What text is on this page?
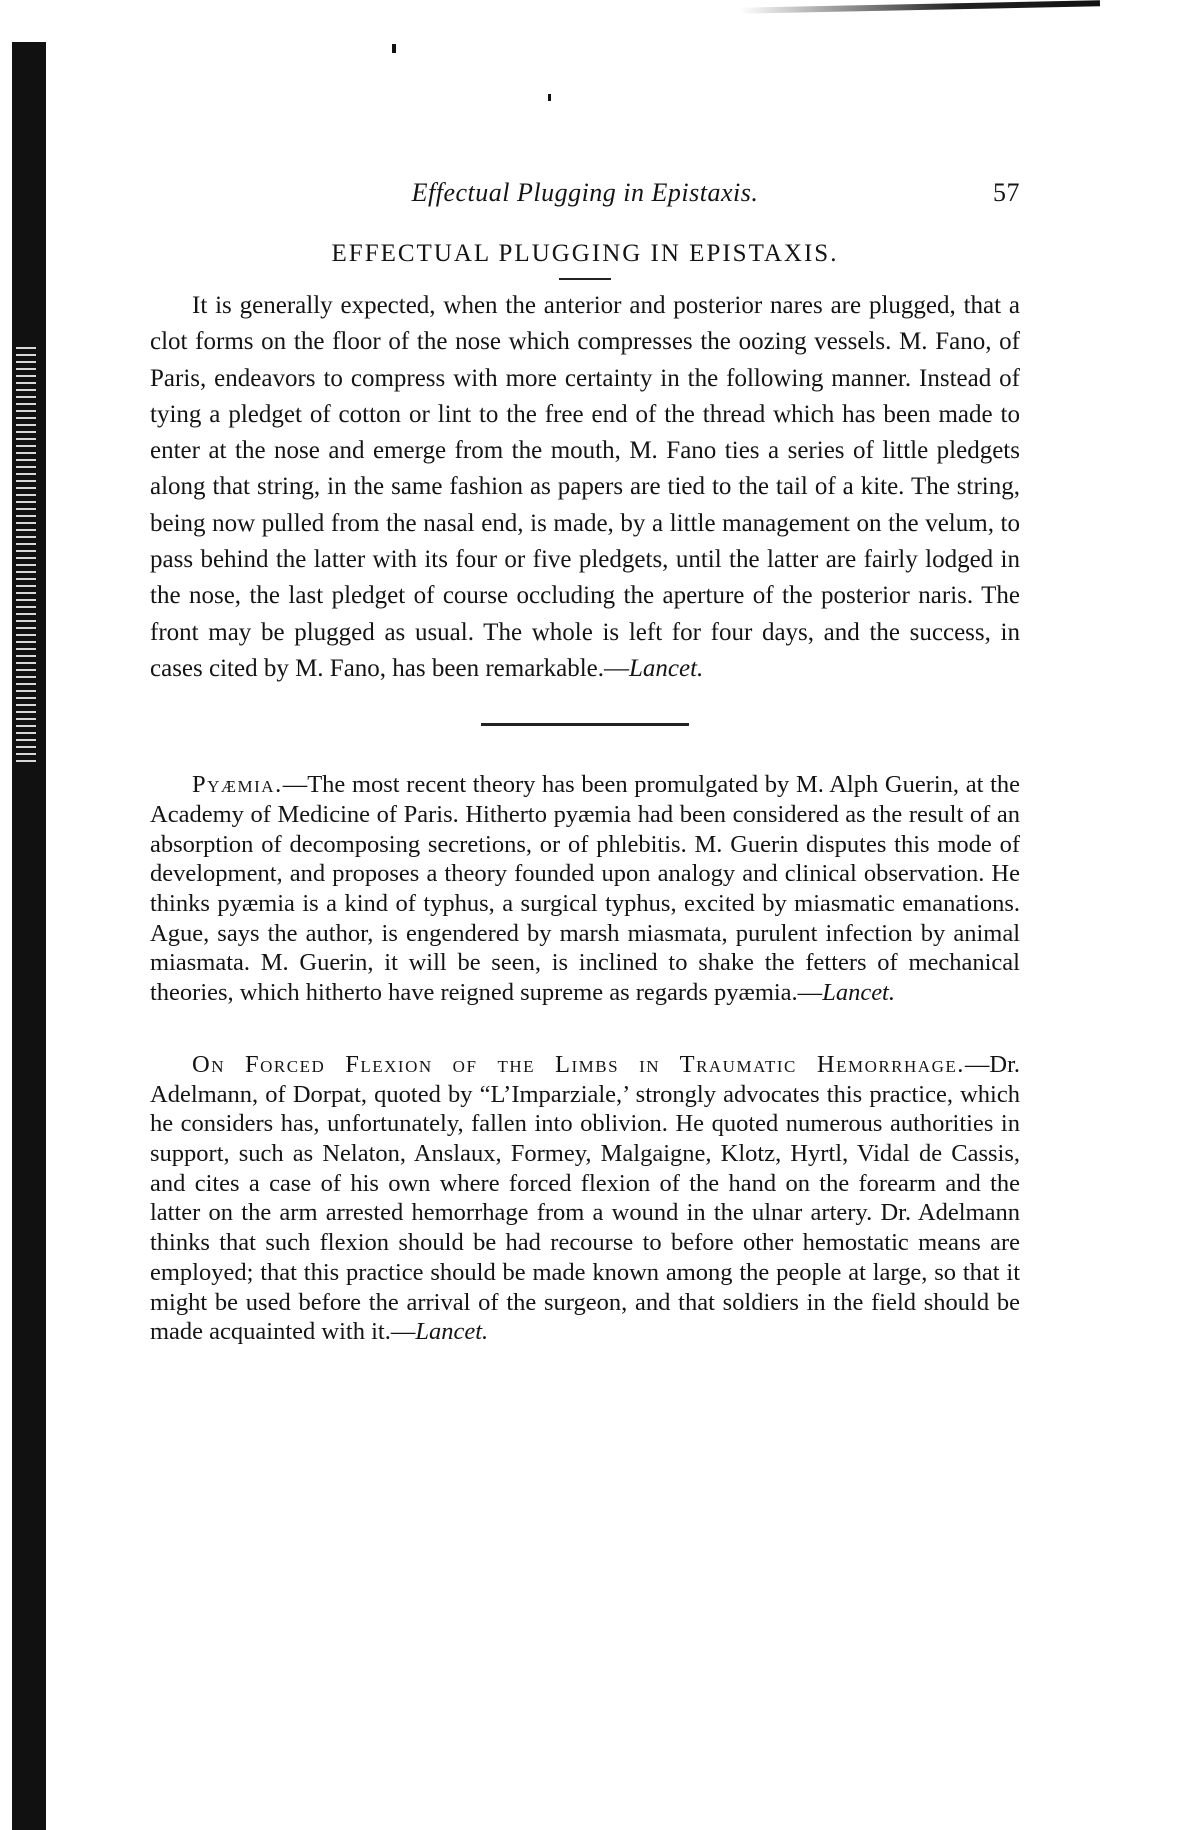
Effectual Plugging in Epistaxis.	57
EFFECTUAL PLUGGING IN EPISTAXIS.

It is generally expected, when the anterior and posterior nares are plugged, that a clot forms on the floor of the nose which compresses the oozing vessels. M. Fano, of Paris, endeavors to compress with more certainty in the following manner. Instead of tying a pledget of cotton or lint to the free end of the thread which has been made to enter at the nose and emerge from the mouth, M. Fano ties a series of little pledgets along that string, in the same fashion as papers are tied to the tail of a kite. The string, being now pulled from the nasal end, is made, by a little management on the velum, to pass behind the latter with its four or five pledgets, until the latter are fairly lodged in the nose, the last pledget of course occluding the aperture of the posterior naris. The front may be plugged as usual. The whole is left for four days, and the success, in cases cited by M. Fano, has been remarkable.—Lancet.

Pyæmia.—The most recent theory has been promulgated by M. Alph Guerin, at the Academy of Medicine of Paris. Hitherto pyæmia had been considered as the result of an absorption of decomposing secretions, or of phlebitis. M. Guerin disputes this mode of development, and proposes a theory founded upon analogy and clinical observation. He thinks pyæmia is a kind of typhus, a surgical typhus, excited by miasmatic emanations. Ague, says the author, is engendered by marsh miasmata, purulent infection by animal miasmata. M. Guerin, it will be seen, is inclined to shake the fetters of mechanical theories, which hitherto have reigned supreme as regards pyæmia.—Lancet.

On Forced Flexion of the Limbs in Traumatic Hemorrhage.—Dr. Adelmann, of Dorpat, quoted by “L’Imparziale,’ strongly advocates this practice, which he considers has, unfortunately, fallen into oblivion. He quoted numerous authorities in support, such as Nelaton, Anslaux, Formey, Malgaigne, Klotz, Hyrtl, Vidal de Cassis, and cites a case of his own where forced flexion of the hand on the forearm and the latter on the arm arrested hemorrhage from a wound in the ulnar artery. Dr. Adelmann thinks that such flexion should be had recourse to before other hemostatic means are employed; that this practice should be made known among the people at large, so that it might be used before the arrival of the surgeon, and that soldiers in the field should be made acquainted with it.—Lancet.
